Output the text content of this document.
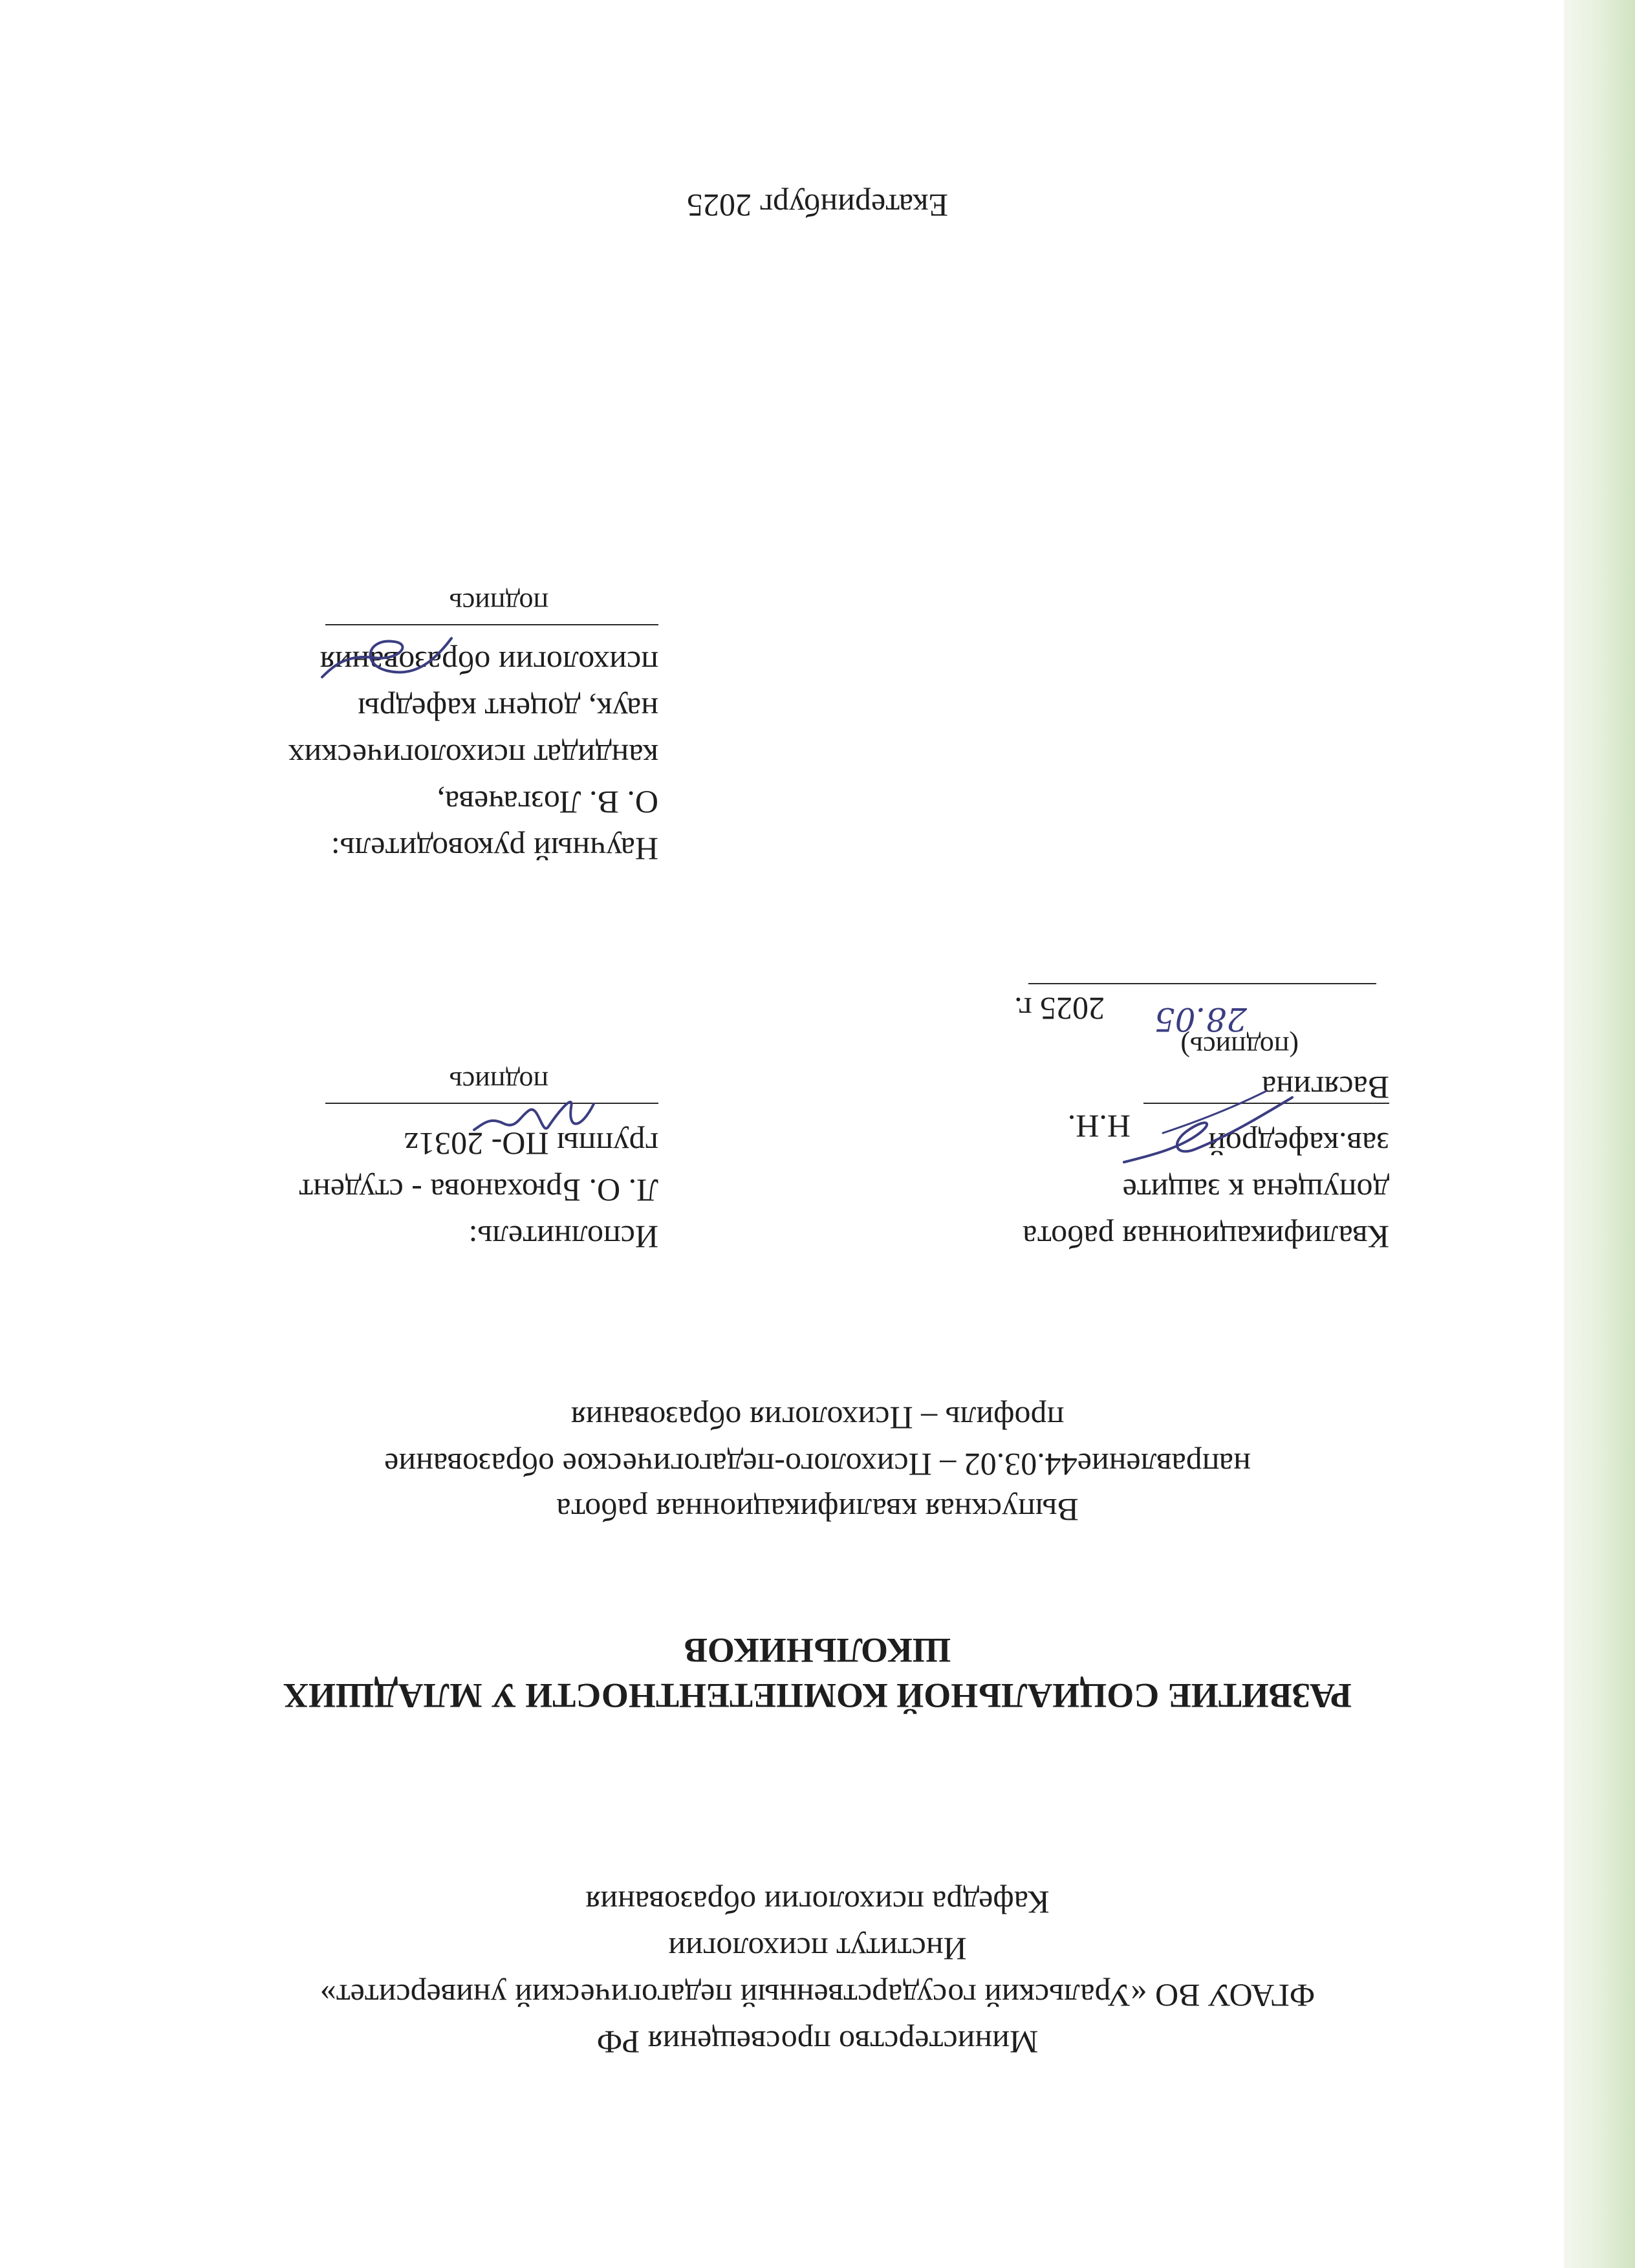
Министерство просвещения РФ
ФГАОУ ВО «Уральский государственный педагогический университет»
Институт психологии
Кафедра психологии образования
РАЗВИТИЕ СОЦИАЛЬНОЙ КОМПЕТЕНТНОСТИ У МЛАДШИХ
ШКОЛЬНИКОВ
Выпускная квалификационная работа
направление44.03.02 – Психолого-педагогическое образование
профиль – Психология образования
Квалификационная работа
допущена к защите
зав.кафедрой
Н.Н.
Васягина
(подпись)
28.05
2025 г.
Исполнитель:
Л. О. Брюханова - студент
группы ПО- 2031z
подпись
Научный руководитель:
О. В. Лозгачева,
кандидат психологических
наук, доцент кафедры
психологии образования
подпись
Екатеринбург 2025
